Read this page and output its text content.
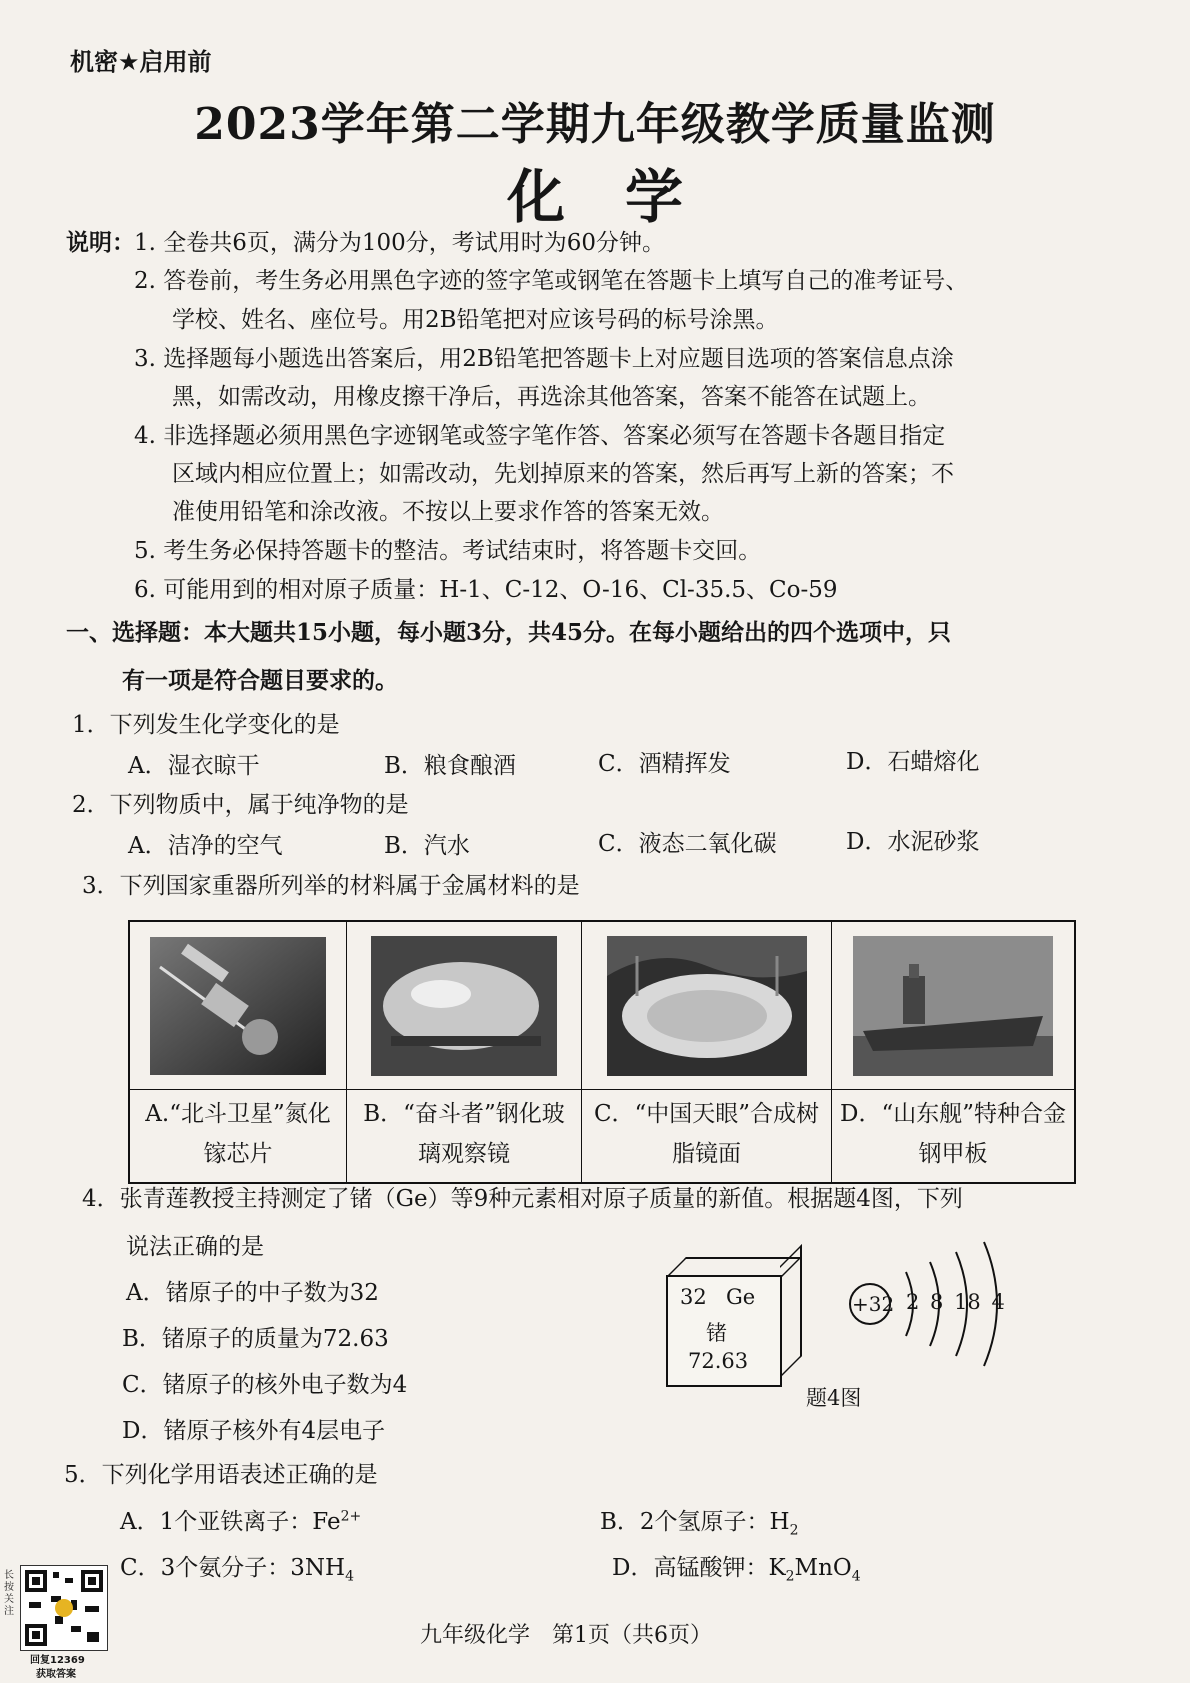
机密★启用前
2023学年第二学期九年级教学质量监测
化学
说明： 1. 全卷共6页，满分为100分，考试用时为60分钟。
2. 答卷前，考生务必用黑色字迹的签字笔或钢笔在答题卡上填写自己的准考证号、
学校、姓名、座位号。用2B铅笔把对应该号码的标号涂黑。
3. 选择题每小题选出答案后，用2B铅笔把答题卡上对应题目选项的答案信息点涂
黑，如需改动，用橡皮擦干净后，再选涂其他答案，答案不能答在试题上。
4. 非选择题必须用黑色字迹钢笔或签字笔作答、答案必须写在答题卡各题目指定
区域内相应位置上；如需改动，先划掉原来的答案，然后再写上新的答案；不
准使用铅笔和涂改液。不按以上要求作答的答案无效。
5. 考生务必保持答题卡的整洁。考试结束时，将答题卡交回。
6. 可能用到的相对原子质量：H-1、C-12、O-16、Cl-35.5、Co-59
一、选择题：本大题共15小题，每小题3分，共45分。在每小题给出的四个选项中，只
有一项是符合题目要求的。
1．下列发生化学变化的是
A．湿衣晾干	B．粮食酿酒	C．酒精挥发	D．石蜡熔化
2．下列物质中，属于纯净物的是
A．洁净的空气	B．汽水	C．液态二氧化碳	D．水泥砂浆
3．下列国家重器所列举的材料属于金属材料的是
A.“北斗卫星”氮化镓芯片
B．“奋斗者”钢化玻璃观察镜
C．“中国天眼”合成树脂镜面
D．“山东舰”特种合金钢甲板
4．张青莲教授主持测定了锗（Ge）等9种元素相对原子质量的新值。根据题4图，下列
说法正确的是
A．锗原子的中子数为32
B．锗原子的质量为72.63
C．锗原子的核外电子数为4
D．锗原子核外有4层电子
32 Ge
锗
72.63
+32 2 8 18 4
题4图
5．下列化学用语表述正确的是
A．1个亚铁离子：$Fe^{2+}$	B．2个氢原子：$H_2$
C．3个氨分子：$3NH_4$	D．高锰酸钾：$K_2MnO_4$
九年级化学　第1页（共6页）
长按关注
回复12369
获取答案
